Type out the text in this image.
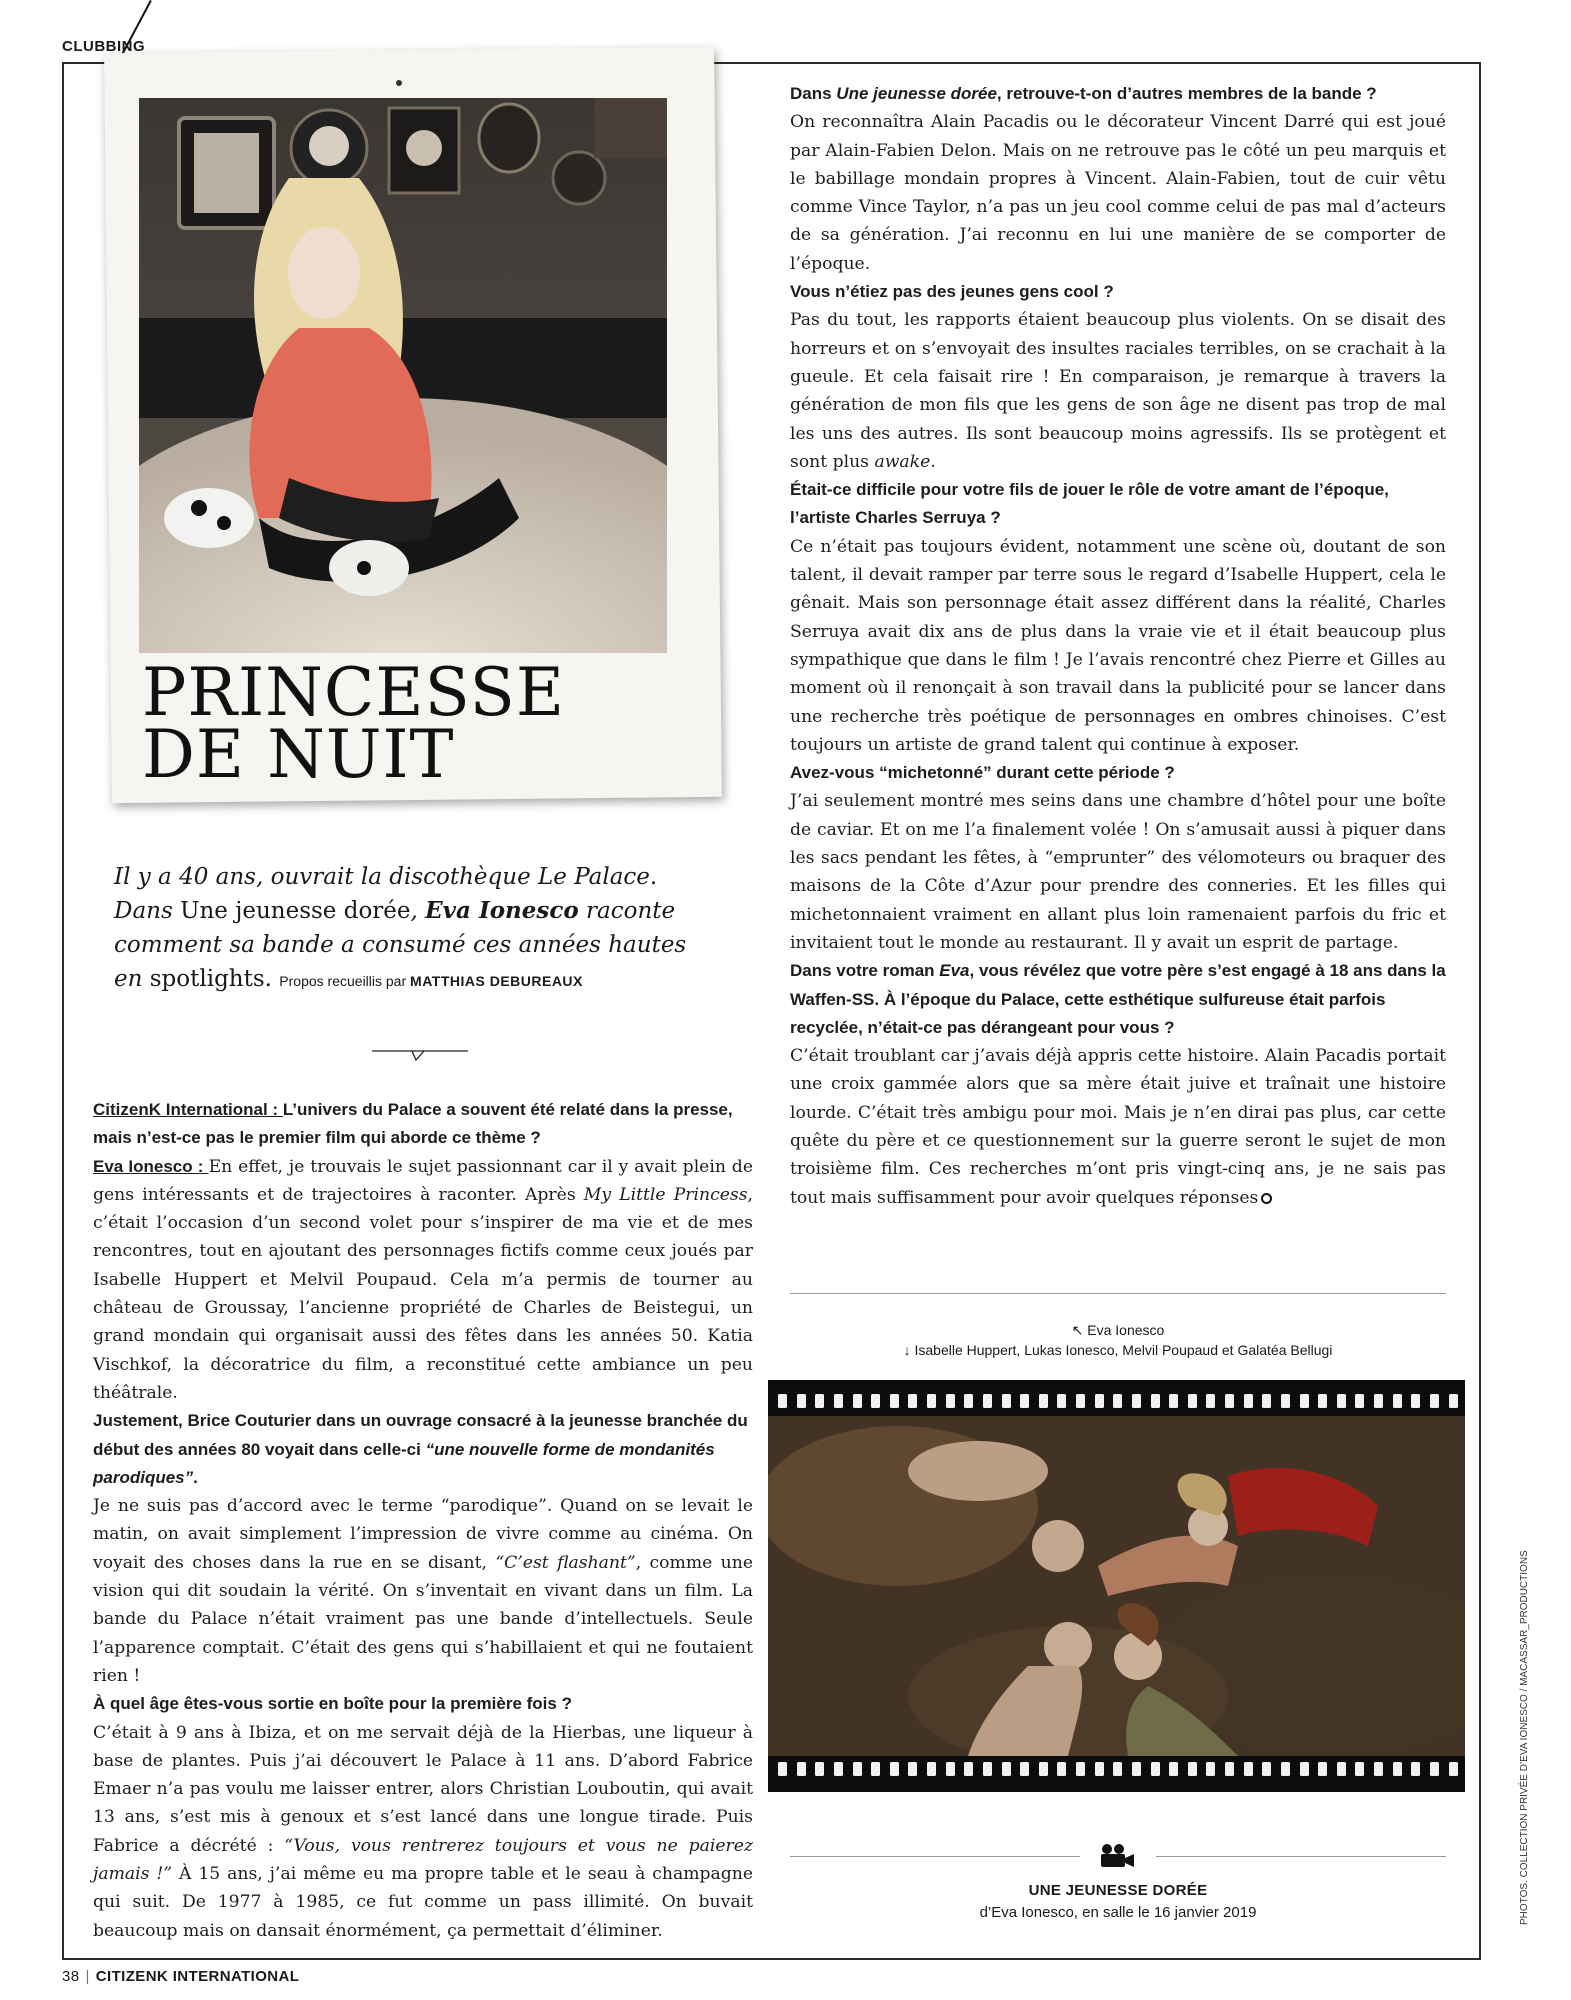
CLUBBING
PRINCESSE
DE NUIT
Il y a 40 ans, ouvrait la discothèque Le Palace. Dans Une jeunesse dorée, Eva Ionesco raconte comment sa bande a consumé ces années hautes en spotlights. Propos recueillis par MATTHIAS DEBUREAUX

CitizenK International : L’univers du Palace a souvent été relaté dans la presse, mais n’est-ce pas le premier film qui aborde ce thème ?

Eva Ionesco : En effet, je trouvais le sujet passionnant car il y avait plein de gens intéressants et de trajectoires à raconter. Après My Little Princess, c’était l’occasion d’un second volet pour s’inspirer de ma vie et de mes rencontres, tout en ajoutant des personnages fictifs comme ceux joués par Isabelle Huppert et Melvil Poupaud. Cela m’a permis de tourner au château de Groussay, l’ancienne propriété de Charles de Beistegui, un grand mondain qui organisait aussi des fêtes dans les années 50. Katia Vischkof, la décoratrice du film, a reconstitué cette ambiance un peu théâtrale.

Justement, Brice Couturier dans un ouvrage consacré à la jeunesse branchée du début des années 80 voyait dans celle-ci “une nouvelle forme de mondanités parodiques”.

Je ne suis pas d’accord avec le terme “parodique”. Quand on se levait le matin, on avait simplement l’impression de vivre comme au cinéma. On voyait des choses dans la rue en se disant, “C’est flashant”, comme une vision qui dit soudain la vérité. On s’inventait en vivant dans un film. La bande du Palace n’était vraiment pas une bande d’intellectuels. Seule l’apparence comptait. C’était des gens qui s’habillaient et qui ne foutaient rien !

À quel âge êtes-vous sortie en boîte pour la première fois ?

C’était à 9 ans à Ibiza, et on me servait déjà de la Hierbas, une liqueur à base de plantes. Puis j’ai découvert le Palace à 11 ans. D’abord Fabrice Emaer n’a pas voulu me laisser entrer, alors Christian Louboutin, qui avait 13 ans, s’est mis à genoux et s’est lancé dans une longue tirade. Puis Fabrice a décrété : “Vous, vous rentrerez toujours et vous ne paierez jamais !” À 15 ans, j’ai même eu ma propre table et le seau à champagne qui suit. De 1977 à 1985, ce fut comme un pass illimité. On buvait beaucoup mais on dansait énormément, ça permettait d’éliminer.

Dans Une jeunesse dorée, retrouve-t-on d’autres membres de la bande ?

On reconnaîtra Alain Pacadis ou le décorateur Vincent Darré qui est joué par Alain-Fabien Delon. Mais on ne retrouve pas le côté un peu marquis et le babillage mondain propres à Vincent. Alain-Fabien, tout de cuir vêtu comme Vince Taylor, n’a pas un jeu cool comme celui de pas mal d’acteurs de sa génération. J’ai reconnu en lui une manière de se comporter de l’époque.

Vous n’étiez pas des jeunes gens cool ?

Pas du tout, les rapports étaient beaucoup plus violents. On se disait des horreurs et on s’envoyait des insultes raciales terribles, on se crachait à la gueule. Et cela faisait rire ! En comparaison, je remarque à travers la génération de mon fils que les gens de son âge ne disent pas trop de mal les uns des autres. Ils sont beaucoup moins agressifs. Ils se protègent et sont plus awake.

Était-ce difficile pour votre fils de jouer le rôle de votre amant de l’époque, l’artiste Charles Serruya ?

Ce n’était pas toujours évident, notamment une scène où, doutant de son talent, il devait ramper par terre sous le regard d’Isabelle Huppert, cela le gênait. Mais son personnage était assez différent dans la réalité, Charles Serruya avait dix ans de plus dans la vraie vie et il était beaucoup plus sympathique que dans le film ! Je l’avais rencontré chez Pierre et Gilles au moment où il renonçait à son travail dans la publicité pour se lancer dans une recherche très poétique de personnages en ombres chinoises. C’est toujours un artiste de grand talent qui continue à exposer.

Avez-vous “michetonné” durant cette période ?

J’ai seulement montré mes seins dans une chambre d’hôtel pour une boîte de caviar. Et on me l’a finalement volée ! On s’amusait aussi à piquer dans les sacs pendant les fêtes, à “emprunter” des vélomoteurs ou braquer des maisons de la Côte d’Azur pour prendre des conneries. Et les filles qui michetonnaient vraiment en allant plus loin ramenaient parfois du fric et invitaient tout le monde au restaurant. Il y avait un esprit de partage.

Dans votre roman Eva, vous révélez que votre père s’est engagé à 18 ans dans la Waffen-SS. À l’époque du Palace, cette esthétique sulfureuse était parfois recyclée, n’était-ce pas dérangeant pour vous ?

C’était troublant car j’avais déjà appris cette histoire. Alain Pacadis portait une croix gammée alors que sa mère était juive et traînait une histoire lourde. C’était très ambigu pour moi. Mais je n’en dirai pas plus, car cette quête du père et ce questionnement sur la guerre seront le sujet de mon troisième film. Ces recherches m’ont pris vingt-cinq ans, je ne sais pas tout mais suffisamment pour avoir quelques réponses

↖ Eva Ionesco
↓ Isabelle Huppert, Lukas Ionesco, Melvil Poupaud et Galatéa Bellugi
UNE JEUNESSE DORÉE
d’Eva Ionesco, en salle le 16 janvier 2019
38 | CITIZENK INTERNATIONAL
PHOTOS. COLLECTION PRIVÉE D’EVA IONESCO / MACASSAR_PRODUCTIONS
